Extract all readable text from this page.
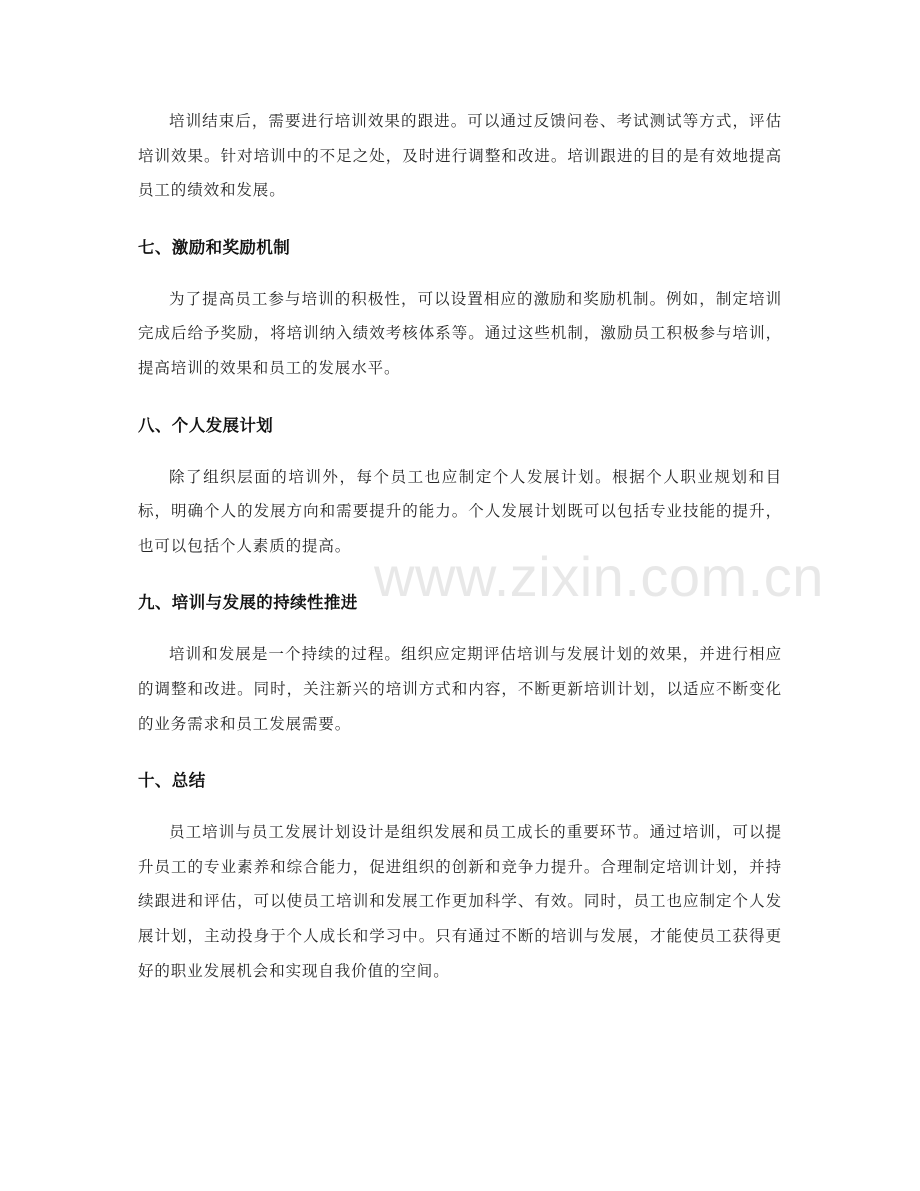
培训结束后，需要进行培训效果的跟进。可以通过反馈问卷、考试测试等方式，评估培训效果。针对培训中的不足之处，及时进行调整和改进。培训跟进的目的是有效地提高员工的绩效和发展。

七、激励和奖励机制

为了提高员工参与培训的积极性，可以设置相应的激励和奖励机制。例如，制定培训完成后给予奖励，将培训纳入绩效考核体系等。通过这些机制，激励员工积极参与培训，提高培训的效果和员工的发展水平。

八、个人发展计划

除了组织层面的培训外，每个员工也应制定个人发展计划。根据个人职业规划和目标，明确个人的发展方向和需要提升的能力。个人发展计划既可以包括专业技能的提升，也可以包括个人素质的提高。

九、培训与发展的持续性推进

培训和发展是一个持续的过程。组织应定期评估培训与发展计划的效果，并进行相应的调整和改进。同时，关注新兴的培训方式和内容，不断更新培训计划，以适应不断变化的业务需求和员工发展需要。

十、总结

员工培训与员工发展计划设计是组织发展和员工成长的重要环节。通过培训，可以提升员工的专业素养和综合能力，促进组织的创新和竞争力提升。合理制定培训计划，并持续跟进和评估，可以使员工培训和发展工作更加科学、有效。同时，员工也应制定个人发展计划，主动投身于个人成长和学习中。只有通过不断的培训与发展，才能使员工获得更好的职业发展机会和实现自我价值的空间。

www.zixin.com.cn
